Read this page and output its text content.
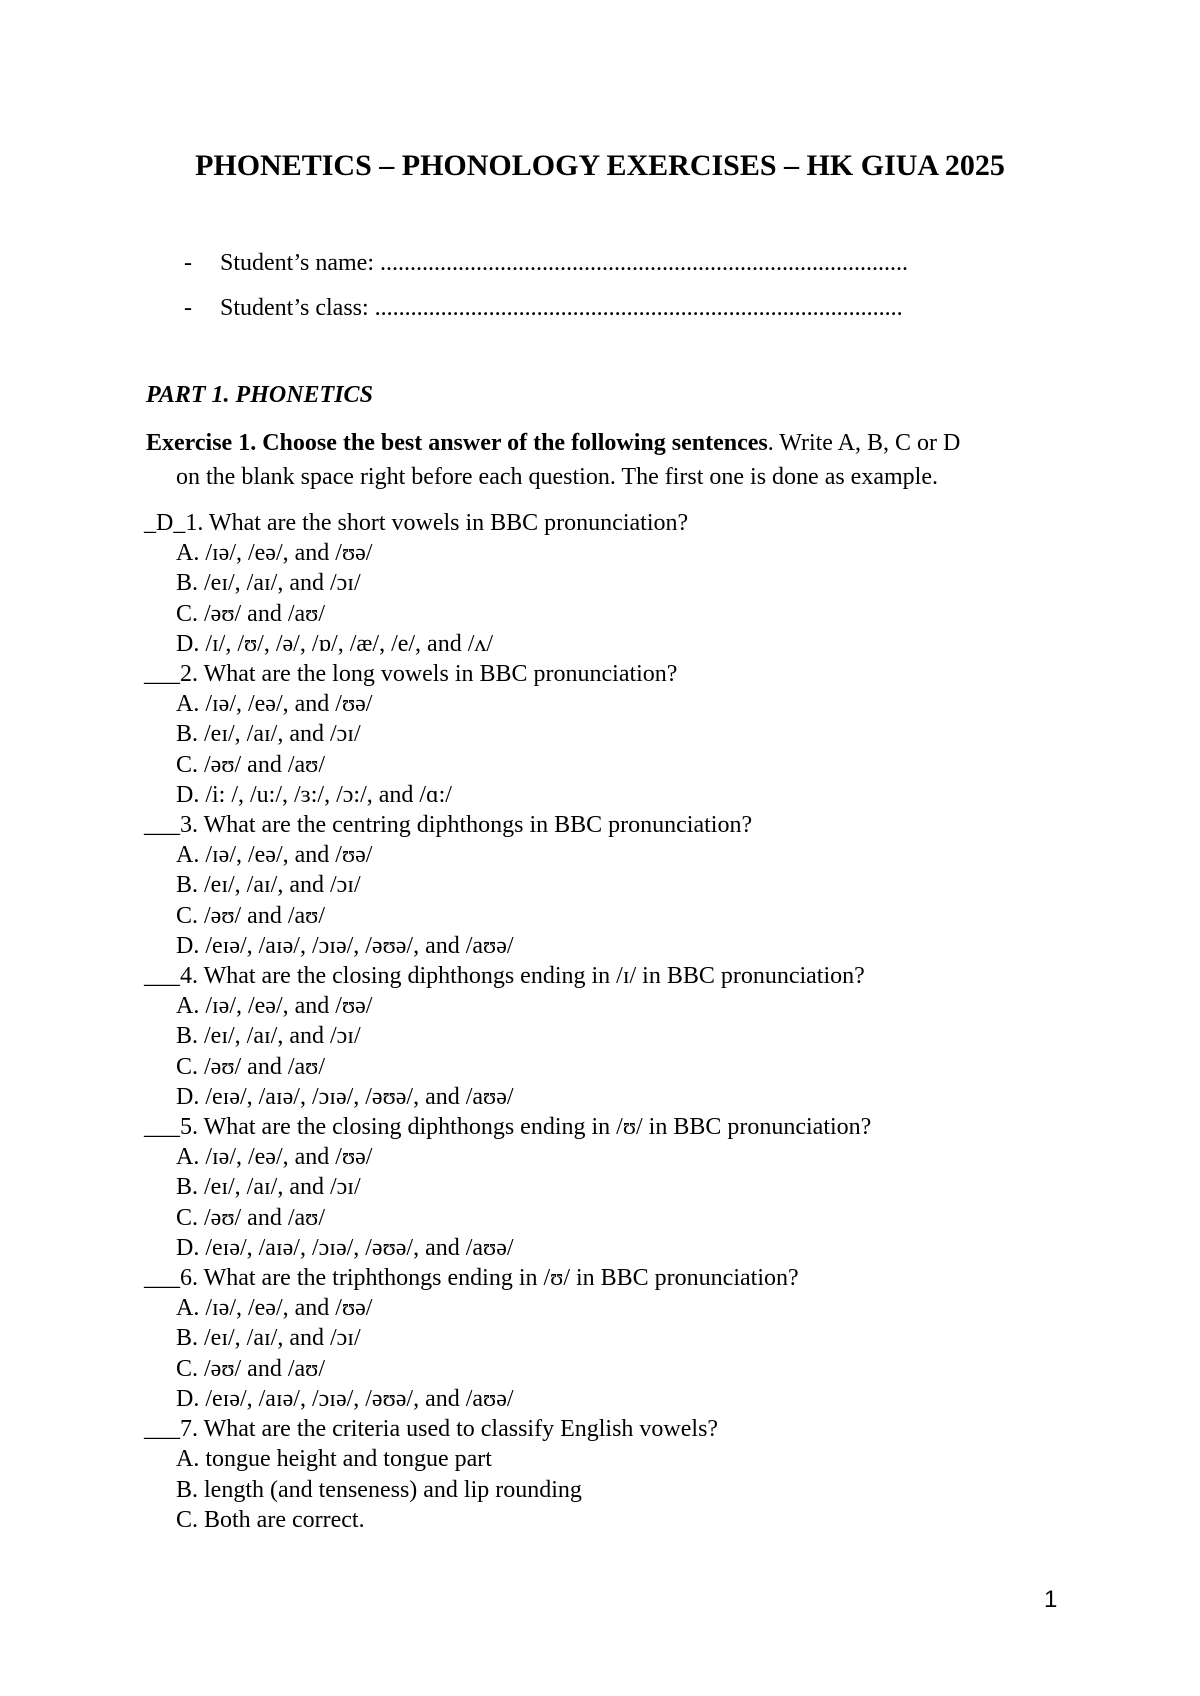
PHONETICS – PHONOLOGY EXERCISES – HK GIUA 2025
- Student’s name: ........................................................................................
- Student’s class: ........................................................................................
PART 1. PHONETICS
Exercise 1. Choose the best answer of the following sentences. Write A, B, C or D
on the blank space right before each question. The first one is done as example.
_D_1. What are the short vowels in BBC pronunciation?
A. /ɪə/, /eə/, and /ʊə/
B. /eɪ/, /aɪ/, and /ɔɪ/
C. /əʊ/ and /aʊ/
D. /ɪ/, /ʊ/, /ə/, /ɒ/, /æ/, /e/, and /ʌ/
___2. What are the long vowels in BBC pronunciation?
A. /ɪə/, /eə/, and /ʊə/
B. /eɪ/, /aɪ/, and /ɔɪ/
C. /əʊ/ and /aʊ/
D. /i: /, /u:/, /ɜ:/, /ɔ:/, and /ɑ:/
___3. What are the centring diphthongs in BBC pronunciation?
A. /ɪə/, /eə/, and /ʊə/
B. /eɪ/, /aɪ/, and /ɔɪ/
C. /əʊ/ and /aʊ/
D. /eɪə/, /aɪə/, /ɔɪə/, /əʊə/, and /aʊə/
___4. What are the closing diphthongs ending in /ɪ/ in BBC pronunciation?
A. /ɪə/, /eə/, and /ʊə/
B. /eɪ/, /aɪ/, and /ɔɪ/
C. /əʊ/ and /aʊ/
D. /eɪə/, /aɪə/, /ɔɪə/, /əʊə/, and /aʊə/
___5. What are the closing diphthongs ending in /ʊ/ in BBC pronunciation?
A. /ɪə/, /eə/, and /ʊə/
B. /eɪ/, /aɪ/, and /ɔɪ/
C. /əʊ/ and /aʊ/
D. /eɪə/, /aɪə/, /ɔɪə/, /əʊə/, and /aʊə/
___6. What are the triphthongs ending in /ʊ/ in BBC pronunciation?
A. /ɪə/, /eə/, and /ʊə/
B. /eɪ/, /aɪ/, and /ɔɪ/
C. /əʊ/ and /aʊ/
D. /eɪə/, /aɪə/, /ɔɪə/, /əʊə/, and /aʊə/
___7. What are the criteria used to classify English vowels?
A. tongue height and tongue part
B. length (and tenseness) and lip rounding
C. Both are correct.
1
